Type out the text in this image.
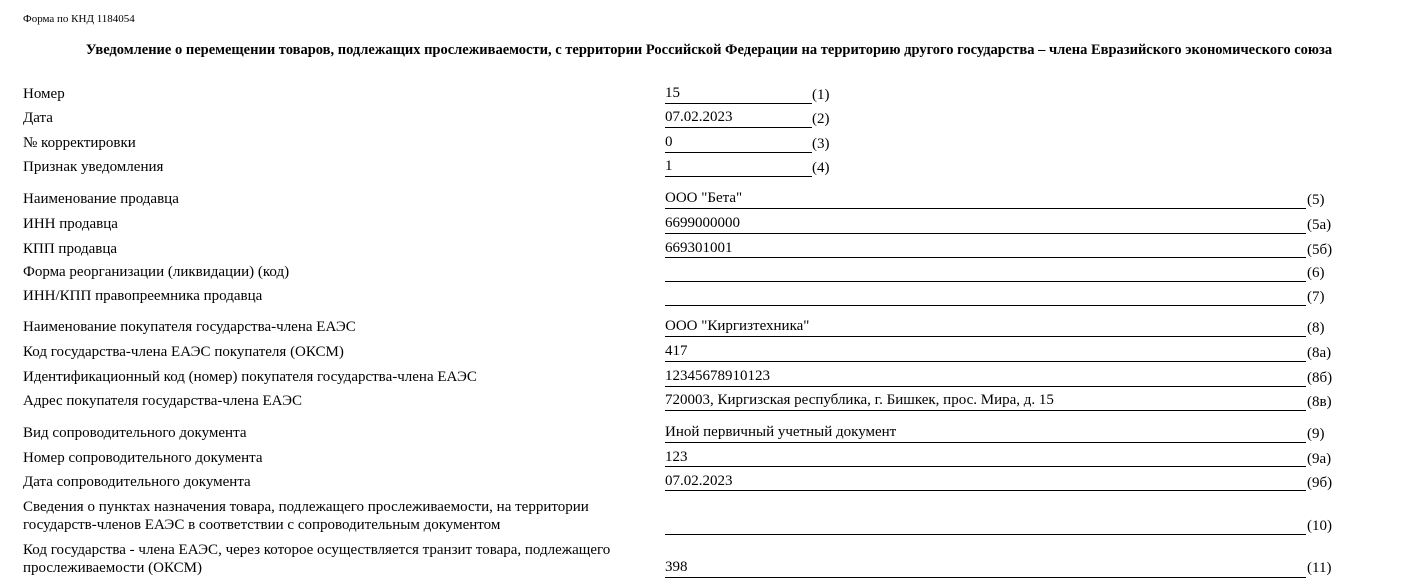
Форма по КНД 1184054
Уведомление о перемещении товаров, подлежащих прослеживаемости, с территории Российской Федерации на территорию другого государства – члена Евразийского экономического союза
Номер	15	(1)
Дата	07.02.2023	(2)
№ корректировки	0	(3)
Признак уведомления	1	(4)
Наименование продавца	ООО "Бета"	(5)
ИНН продавца	6699000000	(5а)
КПП продавца	669301001	(5б)
Форма реорганизации (ликвидации) (код)	(6)
ИНН/КПП правопреемника продавца	(7)
Наименование покупателя государства-члена ЕАЭС	ООО "Киргизтехника"	(8)
Код государства-члена ЕАЭС покупателя (ОКСМ)	417	(8а)
Идентификационный код (номер) покупателя государства-члена ЕАЭС	12345678910123	(8б)
Адрес покупателя государства-члена ЕАЭС	720003, Киргизская республика, г. Бишкек, прос. Мира, д. 15	(8в)
Вид сопроводительного документа	Иной первичный учетный документ	(9)
Номер сопроводительного документа	123	(9а)
Дата сопроводительного документа	07.02.2023	(9б)
Сведения о пунктах назначения товара, подлежащего прослеживаемости, на территории
государств-членов ЕАЭС в соответствии с сопроводительным документом	(10)
Код государства - члена ЕАЭС, через которое осуществляется транзит товара, подлежащего
прослеживаемости (ОКСМ)	398	(11)
